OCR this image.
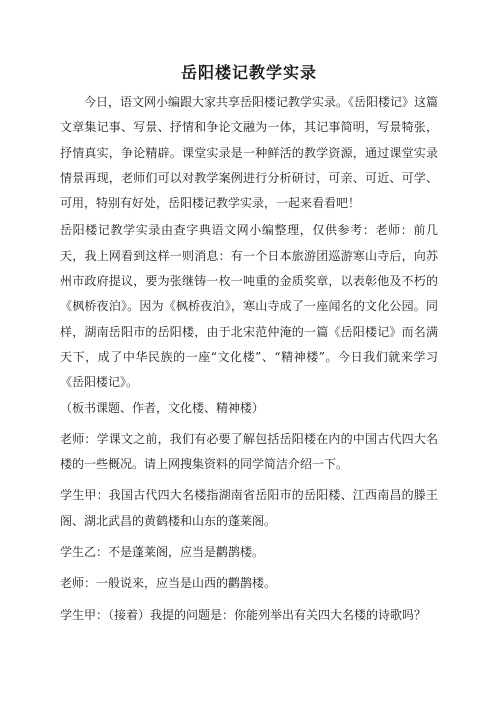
岳阳楼记教学实录

今日，语文网小编跟大家共享岳阳楼记教学实录。《岳阳楼记》这篇文章集记事、写景、抒情和争论文融为一体，其记事简明，写景犄张，抒情真实，争论精辟。课堂实录是一种鲜活的教学资源，通过课堂实录情景再现，老师们可以对教学案例进行分析研讨，可亲、可近、可学、可用，特别有好处，岳阳楼记教学实录，一起来看看吧！

岳阳楼记教学实录由查字典语文网小编整理，仅供参考：老师：前几天，我上网看到这样一则消息：有一个日本旅游团巡游寒山寺后，向苏州市政府提议，要为张继铸一枚一吨重的金质奖章，以表彰他及不朽的《枫桥夜泊》。因为《枫桥夜泊》，寒山寺成了一座闻名的文化公园。同样，湖南岳阳市的岳阳楼，由于北宋范仲淹的一篇《岳阳楼记》而名满天下，成了中华民族的一座“文化楼”、“精神楼”。今日我们就来学习《岳阳楼记》。

（板书课题、作者，文化楼、精神楼）

老师：学课文之前，我们有必要了解包括岳阳楼在内的中国古代四大名楼的一些概况。请上网搜集资料的同学简洁介绍一下。

学生甲：我国古代四大名楼指湖南省岳阳市的岳阳楼、江西南昌的滕王阁、湖北武昌的黄鹤楼和山东的蓬莱阁。

学生乙：不是蓬莱阁，应当是鹳鹊楼。

老师：一般说来，应当是山西的鹳鹊楼。

学生甲：（接着）我提的问题是：你能列举出有关四大名楼的诗歌吗？
